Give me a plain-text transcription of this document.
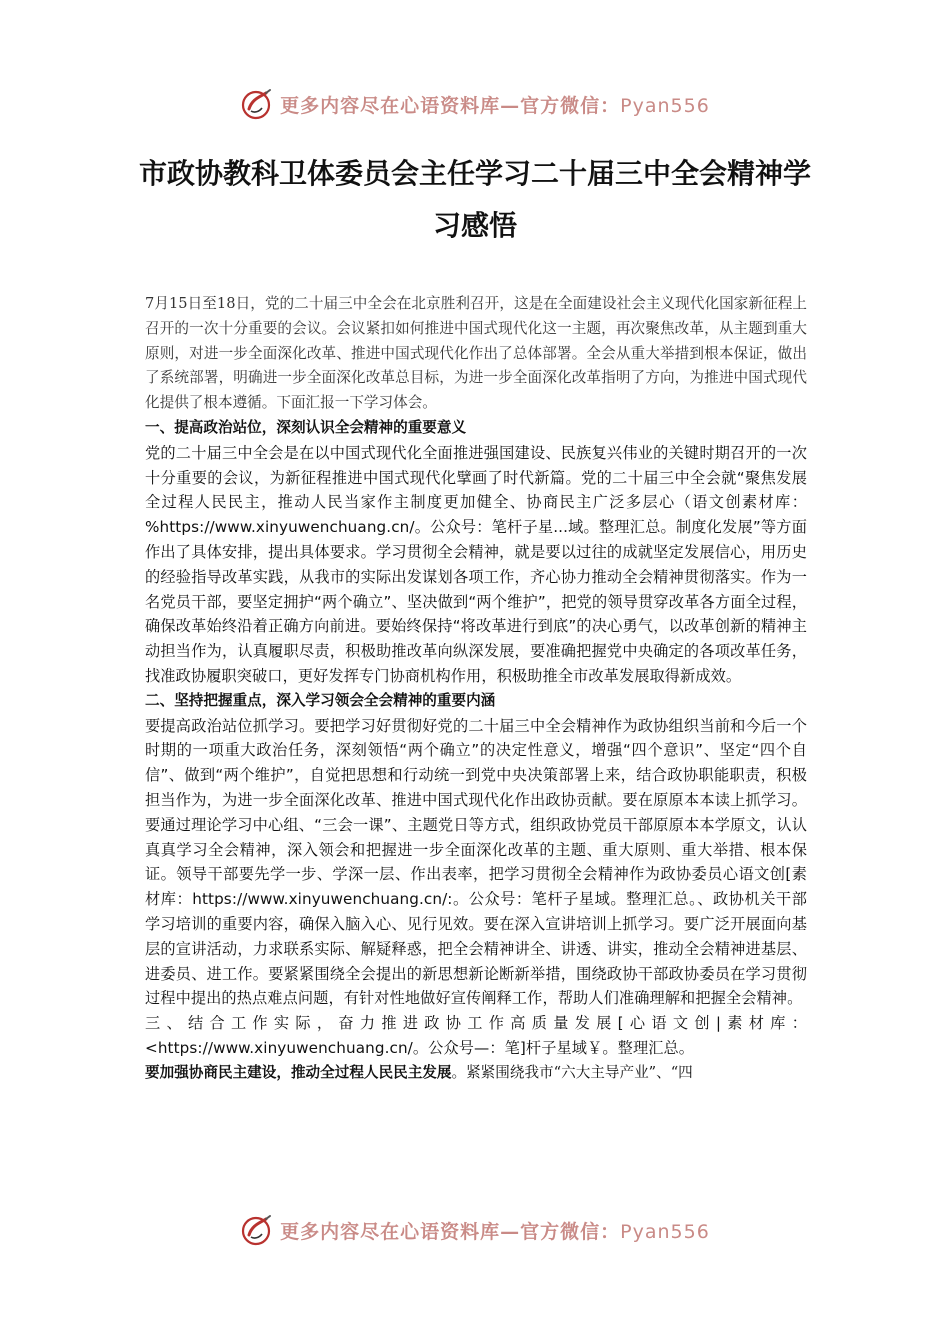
更多内容尽在心语资料库—官方微信：Pyan556
市政协教科卫体委员会主任学习二十届三中全会精神学习感悟

7月15日至18日，党的二十届三中全会在北京胜利召开，这是在全面建设社会主义现代化国家新征程上召开的一次十分重要的会议。会议紧扣如何推进中国式现代化这一主题，再次聚焦改革，从主题到重大原则，对进一步全面深化改革、推进中国式现代化作出了总体部署。全会从重大举措到根本保证，做出了系统部署，明确进一步全面深化改革总目标，为进一步全面深化改革指明了方向，为推进中国式现代化提供了根本遵循。下面汇报一下学习体会。

一、提高政治站位，深刻认识全会精神的重要意义

党的二十届三中全会是在以中国式现代化全面推进强国建设、民族复兴伟业的关键时期召开的一次十分重要的会议，为新征程推进中国式现代化擘画了时代新篇。党的二十届三中全会就“聚焦发展全过程人民民主，推动人民当家作主制度更加健全、协商民主广泛多层心（语文创素材库：%https://www.xinyuwenchuang.cn/。公众号：笔杆子星...域。整理汇总。制度化发展”等方面作出了具体安排，提出具体要求。学习贯彻全会精神，就是要以过往的成就坚定发展信心，用历史的经验指导改革实践，从我市的实际出发谋划各项工作，齐心协力推动全会精神贯彻落实。作为一名党员干部，要坚定拥护“两个确立”、坚决做到“两个维护”，把党的领导贯穿改革各方面全过程，确保改革始终沿着正确方向前进。要始终保持“将改革进行到底”的决心勇气，以改革创新的精神主动担当作为，认真履职尽责，积极助推改革向纵深发展，要准确把握党中央确定的各项改革任务，找准政协履职突破口，更好发挥专门协商机构作用，积极助推全市改革发展取得新成效。

二、坚持把握重点，深入学习领会全会精神的重要内涵

要提高政治站位抓学习。要把学习好贯彻好党的二十届三中全会精神作为政协组织当前和今后一个时期的一项重大政治任务，深刻领悟“两个确立”的决定性意义，增强“四个意识”、坚定“四个自信”、做到“两个维护”，自觉把思想和行动统一到党中央决策部署上来，结合政协职能职责，积极担当作为，为进一步全面深化改革、推进中国式现代化作出政协贡献。要在原原本本读上抓学习。要通过理论学习中心组、“三会一课”、主题党日等方式，组织政协党员干部原原本本学原文，认认真真学习全会精神，深入领会和把握进一步全面深化改革的主题、重大原则、重大举措、根本保证。领导干部要先学一步、学深一层、作出表率，把学习贯彻全会精神作为政协委员心语文创[素材库：https://www.xinyuwenchuang.cn/:。公众号：笔杆子星域。整理汇总。、政协机关干部学习培训的重要内容，确保入脑入心、见行见效。要在深入宣讲培训上抓学习。要广泛开展面向基层的宣讲活动，力求联系实际、解疑释惑，把全会精神讲全、讲透、讲实，推动全会精神进基层、进委员、进工作。要紧紧围绕全会提出的新思想新论断新举措，围绕政协干部政协委员在学习贯彻过程中提出的热点难点问题，有针对性地做好宣传阐释工作，帮助人们准确理解和把握全会精神。

三、结合工作实际，奋力推进政协工作高质量发展[心语文创|素材库：<https://www.xinyuwenchuang.cn/。公众号—：笔]杆子星域￥。整理汇总。

要加强协商民主建设，推动全过程人民民主发展。紧紧围绕我市“六大主导产业”、“四

更多内容尽在心语资料库—官方微信：Pyan556
